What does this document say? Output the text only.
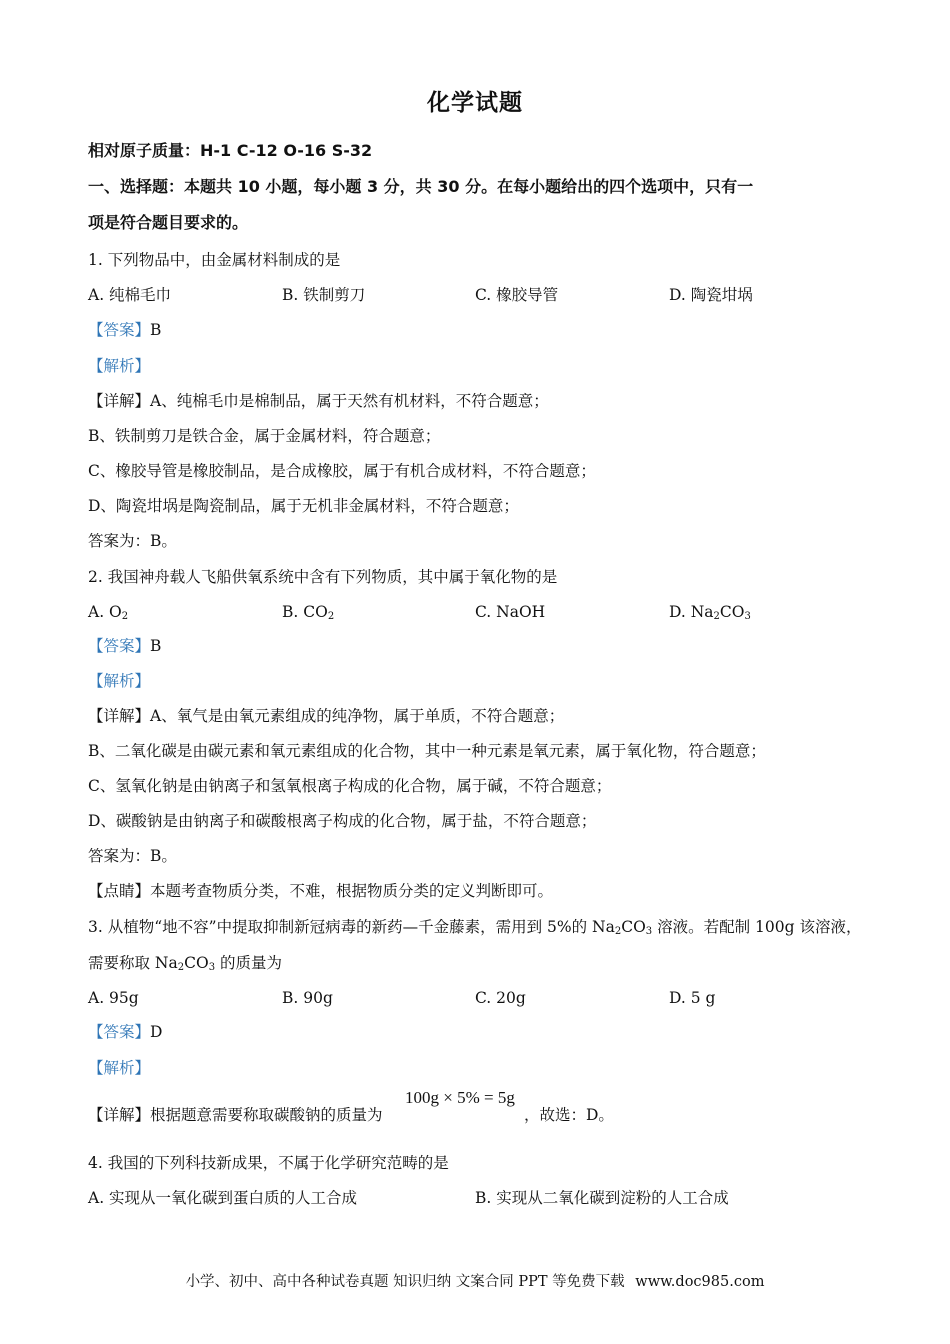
化学试题
相对原子质量：H-1 C-12 O-16 S-32
一、选择题：本题共 10 小题，每小题 3 分，共 30 分。在每小题给出的四个选项中，只有一
项是符合题目要求的。
1. 下列物品中，由金属材料制成的是
A. 纯棉毛巾	B. 铁制剪刀	C. 橡胶导管	D. 陶瓷坩埚
【答案】B
【解析】
【详解】A、纯棉毛巾是棉制品，属于天然有机材料，不符合题意；
B、铁制剪刀是铁合金，属于金属材料，符合题意；
C、橡胶导管是橡胶制品，是合成橡胶，属于有机合成材料，不符合题意；
D、陶瓷坩埚是陶瓷制品，属于无机非金属材料，不符合题意；
答案为：B。
2. 我国神舟载人飞船供氧系统中含有下列物质，其中属于氧化物的是
A. $O_2$	B. $CO_2$	C. NaOH	D. $Na_2CO_3$
【答案】B
【解析】
【详解】A、氧气是由氧元素组成的纯净物，属于单质，不符合题意；
B、二氧化碳是由碳元素和氧元素组成的化合物，其中一种元素是氧元素，属于氧化物，符合题意；
C、氢氧化钠是由钠离子和氢氧根离子构成的化合物，属于碱，不符合题意；
D、碳酸钠是由钠离子和碳酸根离子构成的化合物，属于盐，不符合题意；
答案为：B。
【点睛】本题考查物质分类，不难，根据物质分类的定义判断即可。
3. 从植物“地不容”中提取抑制新冠病毒的新药—千金藤素，需用到 5%的 $Na_2CO_3$ 溶液。若配制 100g 该溶液，
需要称取 $Na_2CO_3$ 的质量为
A. 95g	B. 90g	C. 20g	D. 5 g
【答案】D
【解析】
【详解】根据题意需要称取碳酸钠的质量为
100g × 5% = 5g
，故选：D。
4. 我国的下列科技新成果，不属于化学研究范畴的是
A. 实现从一氧化碳到蛋白质的人工合成	B. 实现从二氧化碳到淀粉的人工合成
小学、初中、高中各种试卷真题 知识归纳 文案合同 PPT 等免费下载 www.doc985.com
